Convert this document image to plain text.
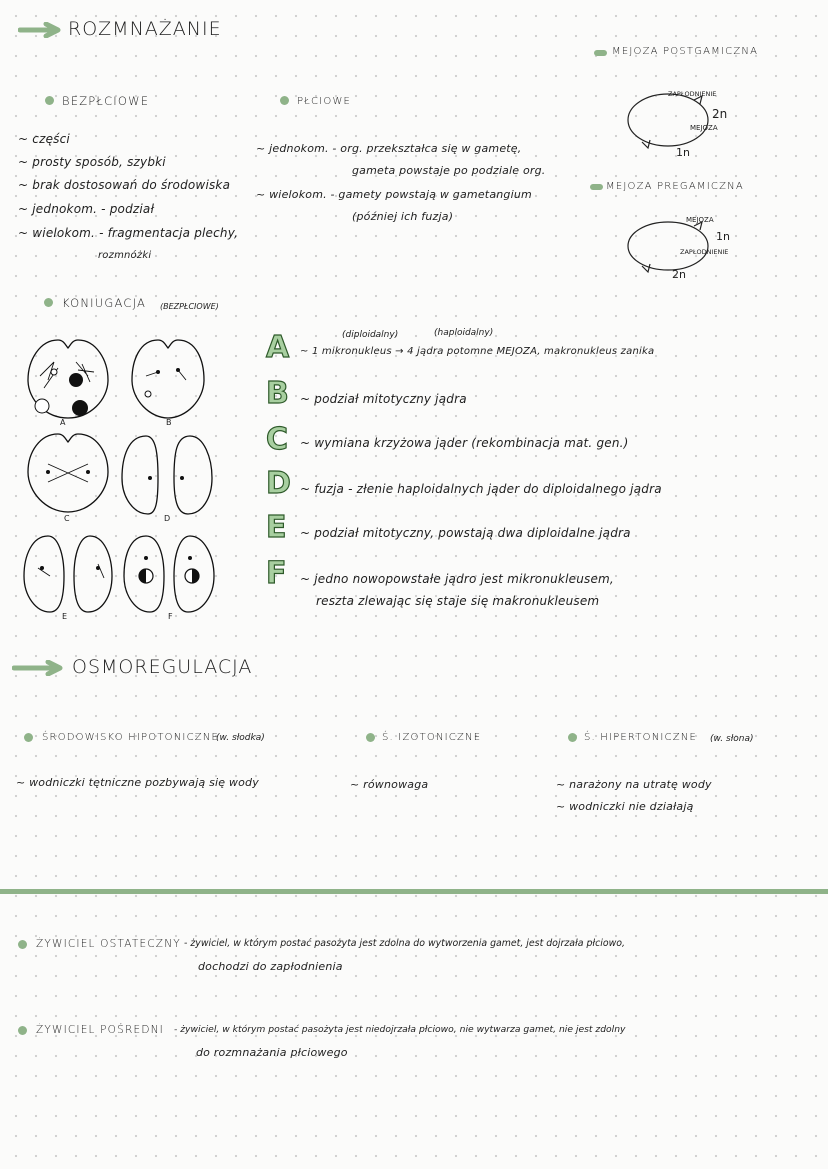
ROZMNAŻANIE
BEZPŁCIOWE
~ części
~ prosty sposób, szybki
~ brak dostosowań do środowiska
~ jednokom. - podział
~ wielokom. - fragmentacja plechy,
rozmnóżki
PŁCIOWE
~ jednokom. - org. przekształca się w gametę,
gameta powstaje po podziale org.
~ wielokom. - gamety powstają w gametangium
(później ich fuzja)
MEJOZA POSTGAMICZNA
ZAPŁODNIENIE
2n
MEJOZA
1n
MEJOZA PREGAMICZNA
MEJOZA
1n
ZAPŁODNIENIE
2n
KONIUGACJA (BEZPŁCIOWE)
A	B
C	D
E	F
A	(diploidalny)	(haploidalny)
~ 1 mikronukleus → 4 jądra potomne MEJOZA, makronukleus zanika
B ~ podział mitotyczny jądra
C ~ wymiana krzyżowa jąder (rekombinacja mat. gen.)
D ~ fuzja - złenie haploidalnych jąder do diploidalnego jądra
E ~ podział mitotyczny, powstają dwa diploidalne jądra
F ~ jedno nowopowstałe jądro jest mikronukleusem,
reszta zlewając się staje się makronukleusem
OSMOREGULACJA
ŚRODOWISKO HIPOTONICZNE
(w. słodka)
~ wodniczki tętniczne pozbywają się wody
Ś. IZOTONICZNE
~ równowaga
Ś. HIPERTONICZNE (w. słona)
~ narażony na utratę wody
~ wodniczki nie działają
ŻYWICIEL OSTATECZNY - żywiciel, w którym postać pasożyta jest zdolna do wytworzenia gamet, jest dojrzała płciowo,
dochodzi do zapłodnienia
ŻYWICIEL POŚREDNI - żywiciel, w którym postać pasożyta jest niedojrzała płciowo, nie wytwarza gamet, nie jest zdolny
do rozmnażania płciowego
